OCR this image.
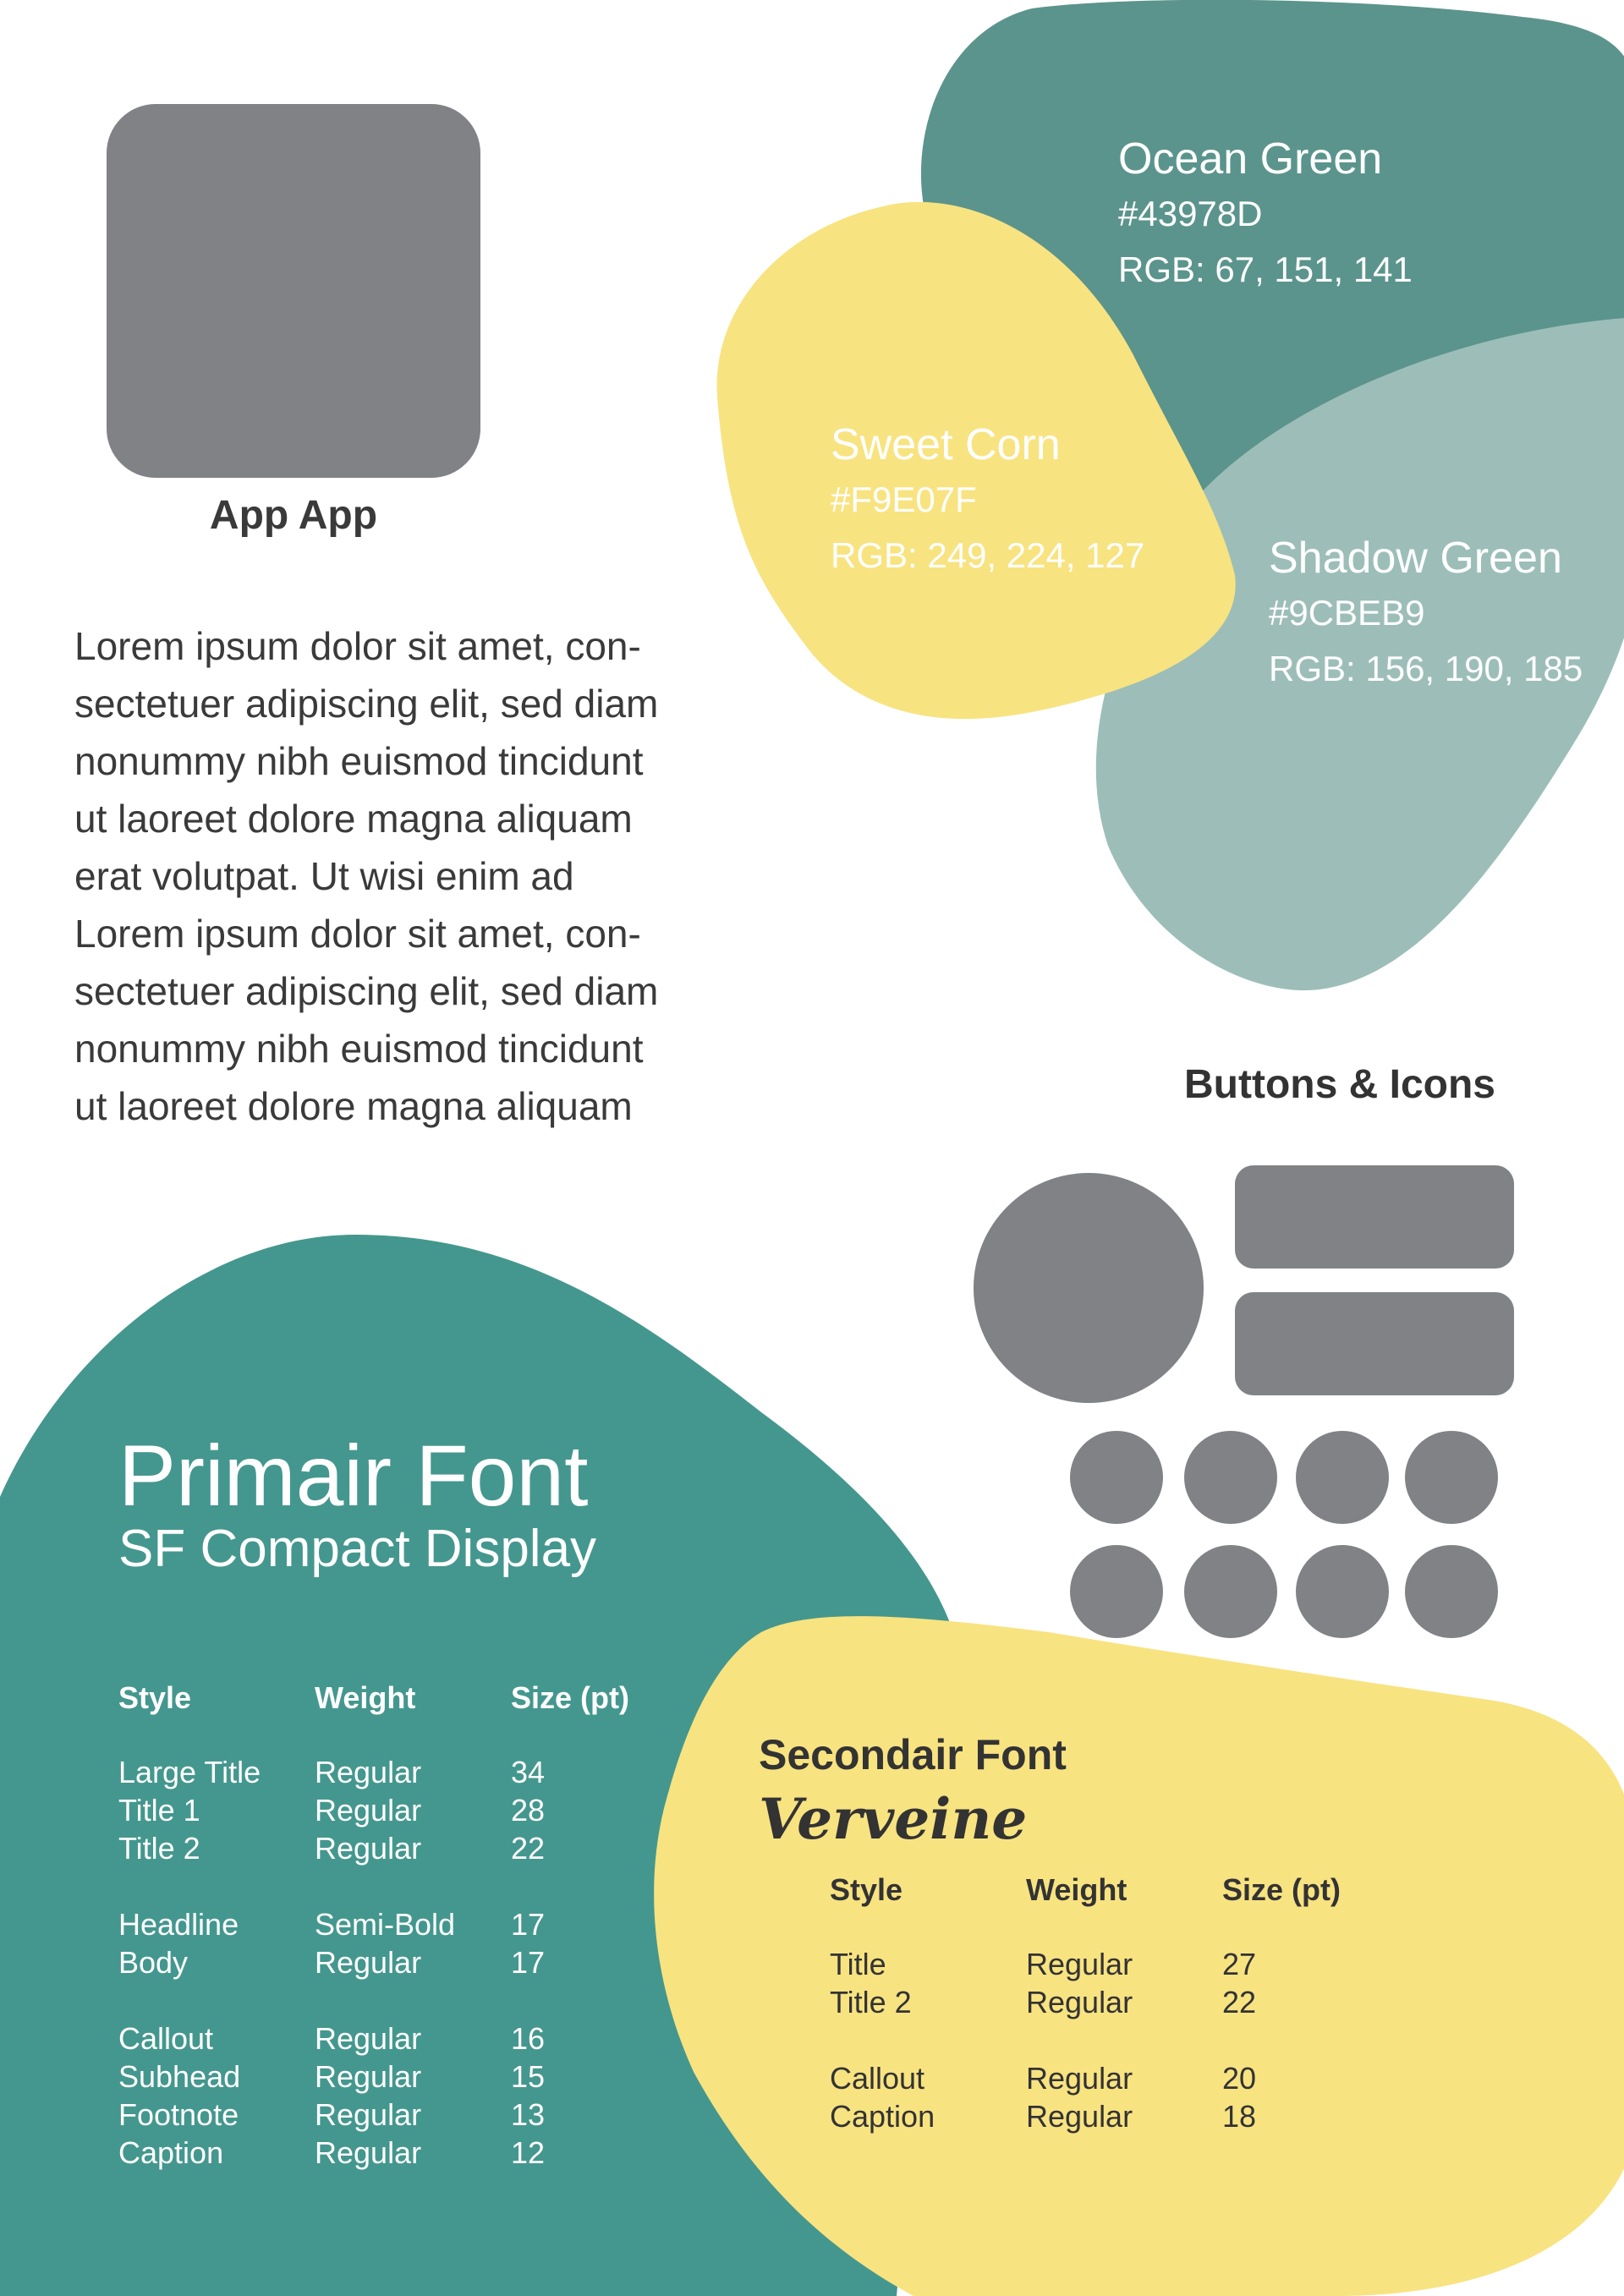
App App

Lorem ipsum dolor sit amet, con-

sectetuer adipiscing elit, sed diam

nonummy nibh euismod tincidunt

ut laoreet dolore magna aliquam

erat volutpat. Ut wisi enim ad

Lorem ipsum dolor sit amet, con-

sectetuer adipiscing elit, sed diam

nonummy nibh euismod tincidunt

ut laoreet dolore magna aliquam

Ocean Green
#43978D
RGB: 67, 151, 141
Sweet Corn
#F9E07F
RGB: 249, 224, 127	Shadow Green
#9CBEB9
RGB: 156, 190, 185
Buttons & Icons
Primair Font
SF Compact Display
Style	Weight	Size (pt)
Large Title	Regular	34
Title 1	Regular	28
Title 2	Regular	22
Headline	Semi-Bold	17
Body	Regular	17
Callout	Regular	16
Subhead	Regular	15
Footnote	Regular	13
Caption	Regular	12
Secondair Font
Verveine
Style	Weight	Size (pt)
Title	Regular	27
Title 2	Regular	22
Callout	Regular	20
Caption	Regular	18
